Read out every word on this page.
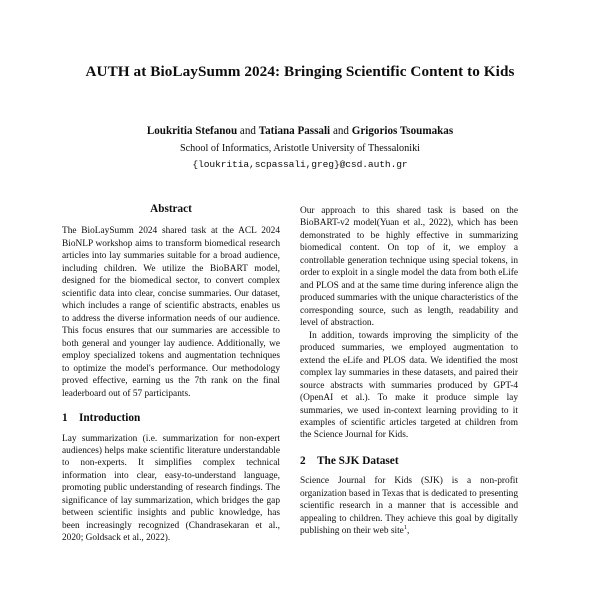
AUTH at BioLaySumm 2024: Bringing Scientific Content to Kids
Loukritia Stefanou and Tatiana Passali and Grigorios Tsoumakas
School of Informatics, Aristotle University of Thessaloniki
{loukritia,scpassali,greg}@csd.auth.gr
Abstract

The BioLaySumm 2024 shared task at the ACL 2024 BioNLP workshop aims to transform biomedical research articles into lay summaries suitable for a broad audience, including children. We utilize the BioBART model, designed for the biomedical sector, to convert complex scientific data into clear, concise summaries. Our dataset, which includes a range of scientific abstracts, enables us to address the diverse information needs of our audience. This focus ensures that our summaries are accessible to both general and younger lay audience. Additionally, we employ specialized tokens and augmentation techniques to optimize the model's performance. Our methodology proved effective, earning us the 7th rank on the final leaderboard out of 57 participants.

1 Introduction

Lay summarization (i.e. summarization for non-expert audiences) helps make scientific literature understandable to non-experts. It simplifies complex technical information into clear, easy-to-understand language, promoting public understanding of research findings. The significance of lay summarization, which bridges the gap between scientific insights and public knowledge, has been increasingly recognized (Chandrasekaran et al., 2020; Goldsack et al., 2022).

Our approach to this shared task is based on the BioBART-v2 model(Yuan et al., 2022), which has been demonstrated to be highly effective in summarizing biomedical content. On top of it, we employ a controllable generation technique using special tokens, in order to exploit in a single model the data from both eLife and PLOS and at the same time during inference align the produced summaries with the unique characteristics of the corresponding source, such as length, readability and level of abstraction.

In addition, towards improving the simplicity of the produced summaries, we employed augmentation to extend the eLife and PLOS data. We identified the most complex lay summaries in these datasets, and paired their source abstracts with summaries produced by GPT-4 (OpenAI et al.). To make it produce simple lay summaries, we used in-context learning providing to it examples of scientific articles targeted at children from the Science Journal for Kids.

2 The SJK Dataset

Science Journal for Kids (SJK) is a non-profit organization based in Texas that is dedicated to presenting scientific research in a manner that is accessible and appealing to children. They achieve this goal by digitally publishing on their web site$^1$,
